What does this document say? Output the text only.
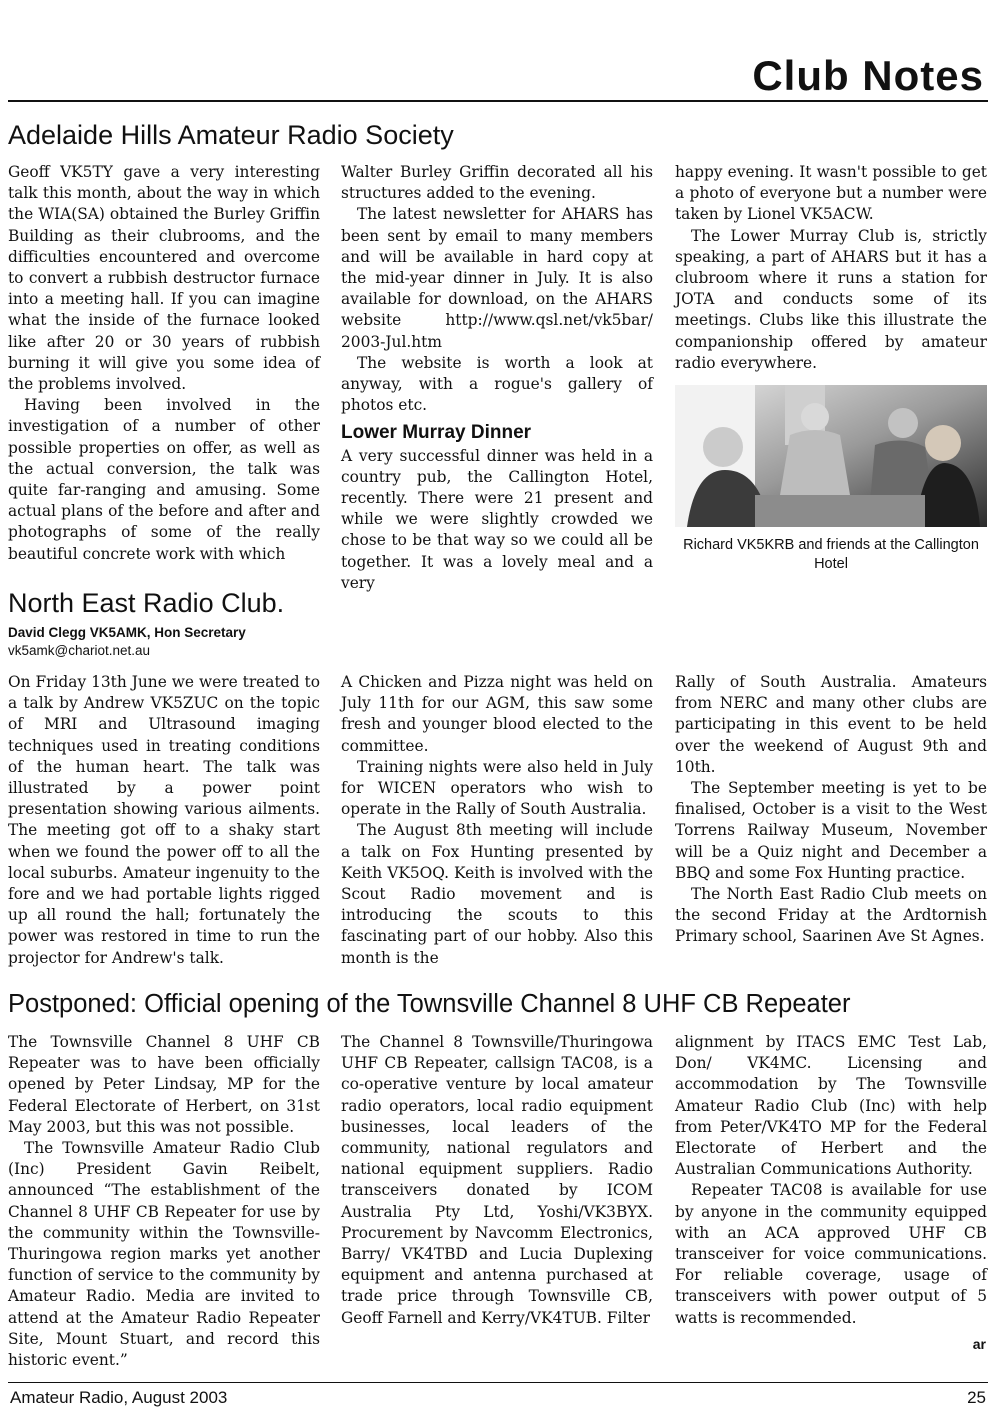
Club Notes
Adelaide Hills Amateur Radio Society

Geoff VK5TY gave a very interesting talk this month, about the way in which the WIA(SA) obtained the Burley Griffin Building as their clubrooms, and the difficulties encountered and overcome to convert a rubbish destructor furnace into a meeting hall. If you can imagine what the inside of the furnace looked like after 20 or 30 years of rubbish burning it will give you some idea of the problems involved.

Having been involved in the investigation of a number of other possible properties on offer, as well as the actual conversion, the talk was quite far-ranging and amusing. Some actual plans of the before and after and photographs of some of the really beautiful concrete work with which

Walter Burley Griffin decorated all his structures added to the evening.

The latest newsletter for AHARS has been sent by email to many members and will be available in hard copy at the mid-year dinner in July. It is also available for download, on the AHARS website http://www.qsl.net/vk5bar/ 2003-Jul.htm

The website is worth a look at anyway, with a rogue's gallery of photos etc.

Lower Murray Dinner

A very successful dinner was held in a country pub, the Callington Hotel, recently. There were 21 present and while we were slightly crowded we chose to be that way so we could all be together. It was a lovely meal and a very

happy evening. It wasn't possible to get a photo of everyone but a number were taken by Lionel VK5ACW.

The Lower Murray Club is, strictly speaking, a part of AHARS but it has a clubroom where it runs a station for JOTA and conducts some of its meetings. Clubs like this illustrate the companionship offered by amateur radio everywhere.

Richard VK5KRB and friends at the Callington Hotel
North East Radio Club.
David Clegg VK5AMK, Hon Secretary
vk5amk@chariot.net.au

On Friday 13th June we were treated to a talk by Andrew VK5ZUC on the topic of MRI and Ultrasound imaging techniques used in treating conditions of the human heart. The talk was illustrated by a power point presentation showing various ailments. The meeting got off to a shaky start when we found the power off to all the local suburbs. Amateur ingenuity to the fore and we had portable lights rigged up all round the hall; fortunately the power was restored in time to run the projector for Andrew's talk.

A Chicken and Pizza night was held on July 11th for our AGM, this saw some fresh and younger blood elected to the committee.

Training nights were also held in July for WICEN operators who wish to operate in the Rally of South Australia.

The August 8th meeting will include a talk on Fox Hunting presented by Keith VK5OQ. Keith is involved with the Scout Radio movement and is introducing the scouts to this fascinating part of our hobby. Also this month is the

Rally of South Australia. Amateurs from NERC and many other clubs are participating in this event to be held over the weekend of August 9th and 10th.

The September meeting is yet to be finalised, October is a visit to the West Torrens Railway Museum, November will be a Quiz night and December a BBQ and some Fox Hunting practice.

The North East Radio Club meets on the second Friday at the Ardtornish Primary school, Saarinen Ave St Agnes.

Postponed: Official opening of the Townsville Channel 8 UHF CB Repeater

The Townsville Channel 8 UHF CB Repeater was to have been officially opened by Peter Lindsay, MP for the Federal Electorate of Herbert, on 31st May 2003, but this was not possible.

The Townsville Amateur Radio Club (Inc) President Gavin Reibelt, announced “The establishment of the Channel 8 UHF CB Repeater for use by the community within the Townsville-Thuringowa region marks yet another function of service to the community by Amateur Radio. Media are invited to attend at the Amateur Radio Repeater Site, Mount Stuart, and record this historic event.”

The Channel 8 Townsville/Thuringowa UHF CB Repeater, callsign TAC08, is a co-operative venture by local amateur radio operators, local radio equipment businesses, local leaders of the community, national regulators and national equipment suppliers. Radio transceivers donated by ICOM Australia Pty Ltd, Yoshi/VK3BYX. Procurement by Navcomm Electronics, Barry/ VK4TBD and Lucia Duplexing equipment and antenna purchased at trade price through Townsville CB, Geoff Farnell and Kerry/VK4TUB. Filter

alignment by ITACS EMC Test Lab, Don/ VK4MC. Licensing and accommodation by The Townsville Amateur Radio Club (Inc) with help from Peter/VK4TO MP for the Federal Electorate of Herbert and the Australian Communications Authority.

Repeater TAC08 is available for use by anyone in the community equipped with an ACA approved UHF CB transceiver for voice communications. For reliable coverage, usage of transceivers with power output of 5 watts is recommended.

ar
Amateur Radio, August 2003	25
